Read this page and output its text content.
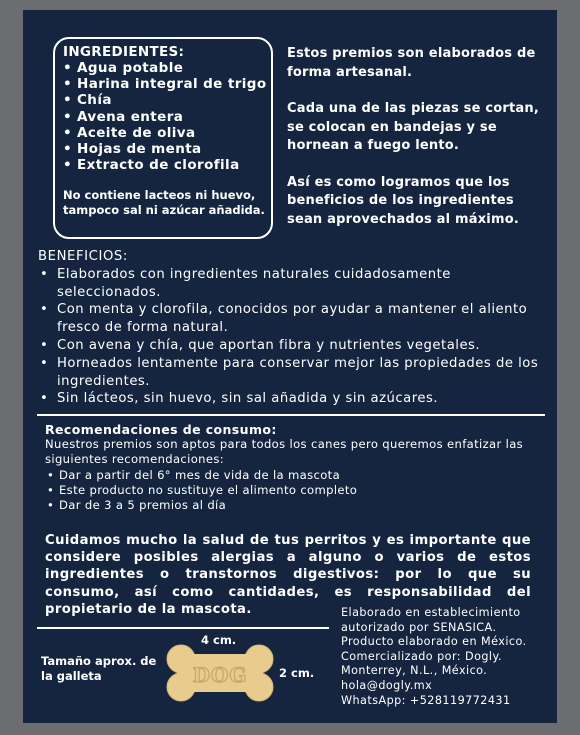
INGREDIENTES:
• Agua potable
• Harina integral de trigo
• Chía
• Avena entera
• Aceite de oliva
• Hojas de menta
• Extracto de clorofila
No contiene lacteos ni huevo, tampoco sal ni azúcar añadida.

Estos premios son elaborados de forma artesanal.

Cada una de las piezas se cortan, se colocan en bandejas y se hornean a fuego lento.

Así es como logramos que los beneficios de los ingredientes sean aprovechados al máximo.

BENEFICIOS:
• Elaborados con ingredientes naturales cuidadosamente seleccionados.
• Con menta y clorofila, conocidos por ayudar a mantener el aliento fresco de forma natural.
• Con avena y chía, que aportan fibra y nutrientes vegetales.
• Horneados lentamente para conservar mejor las propiedades de los ingredientes.
• Sin lácteos, sin huevo, sin sal añadida y sin azúcares.
Recomendaciones de consumo:
Nuestros premios son aptos para todos los canes pero queremos enfatizar las siguientes recomendaciones:
• Dar a partir del 6° mes de vida de la mascota
• Este producto no sustituye el alimento completo
• Dar de 3 a 5 premios al día
Cuidamos mucho la salud de tus perritos y es importante que considere posibles alergias a alguno o varios de estos ingredientes o transtornos digestivos: por lo que su consumo, así como cantidades, es responsabilidad del propietario de la mascota.
Tamaño aprox. de la galleta
4 cm.
2 cm.
DOG
Elaborado en establecimiento
autorizado por SENASICA.
Producto elaborado en México.
Comercializado por: Dogly.
Monterrey, N.L., México.
hola@dogly.mx
WhatsApp: +528119772431
